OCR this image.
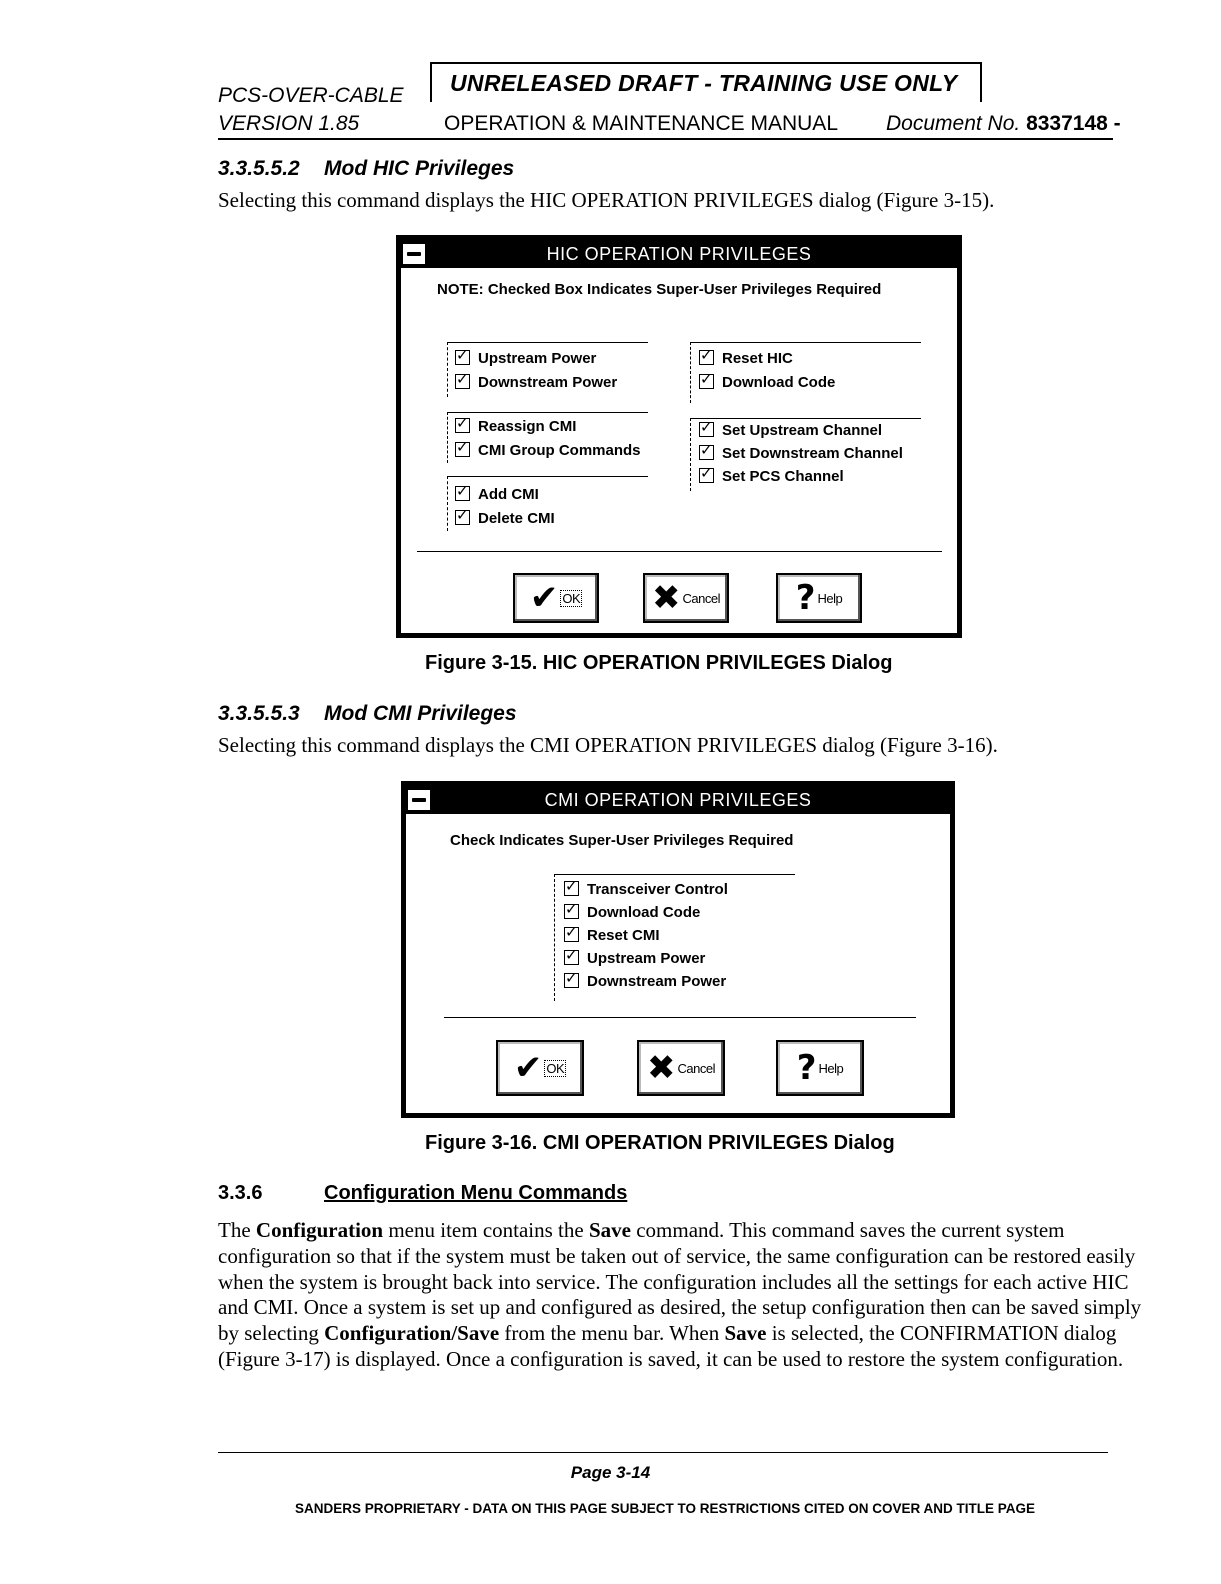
PCS-OVER-CABLE
VERSION 1.85
UNRELEASED DRAFT - TRAINING USE ONLY
OPERATION & MAINTENANCE MANUAL Document No. 8337148 -
3.3.5.5.2 Mod HIC Privileges
Selecting this command displays the HIC OPERATION PRIVILEGES dialog (Figure 3-15).
HIC OPERATION PRIVILEGES
NOTE: Checked Box Indicates Super-User Privileges Required
✓Upstream Power
✓Downstream Power
✓Reassign CMI
✓CMI Group Commands
✓Add CMI
✓Delete CMI
✓Reset HIC
✓Download Code
✓Set Upstream Channel
✓Set Downstream Channel
✓Set PCS Channel
✔ OK ✖ Cancel ? Help
Figure 3-15. HIC OPERATION PRIVILEGES Dialog
3.3.5.5.3 Mod CMI Privileges
Selecting this command displays the CMI OPERATION PRIVILEGES dialog (Figure 3-16).
CMI OPERATION PRIVILEGES
Check Indicates Super-User Privileges Required
✓Transceiver Control
✓Download Code
✓Reset CMI
✓Upstream Power
✓Downstream Power
✔ OK ✖ Cancel ? Help
Figure 3-16. CMI OPERATION PRIVILEGES Dialog
3.3.6	Configuration Menu Commands
The Configuration menu item contains the Save command. This command saves the current system configuration so that if the system must be taken out of service, the same configuration can be restored easily when the system is brought back into service. The configuration includes all the settings for each active HIC and CMI. Once a system is set up and configured as desired, the setup configuration then can be saved simply by selecting Configuration/Save from the menu bar. When Save is selected, the CONFIRMATION dialog (Figure 3-17) is displayed. Once a configuration is saved, it can be used to restore the system configuration.
Page 3-14
SANDERS PROPRIETARY - DATA ON THIS PAGE SUBJECT TO RESTRICTIONS CITED ON COVER AND TITLE PAGE
